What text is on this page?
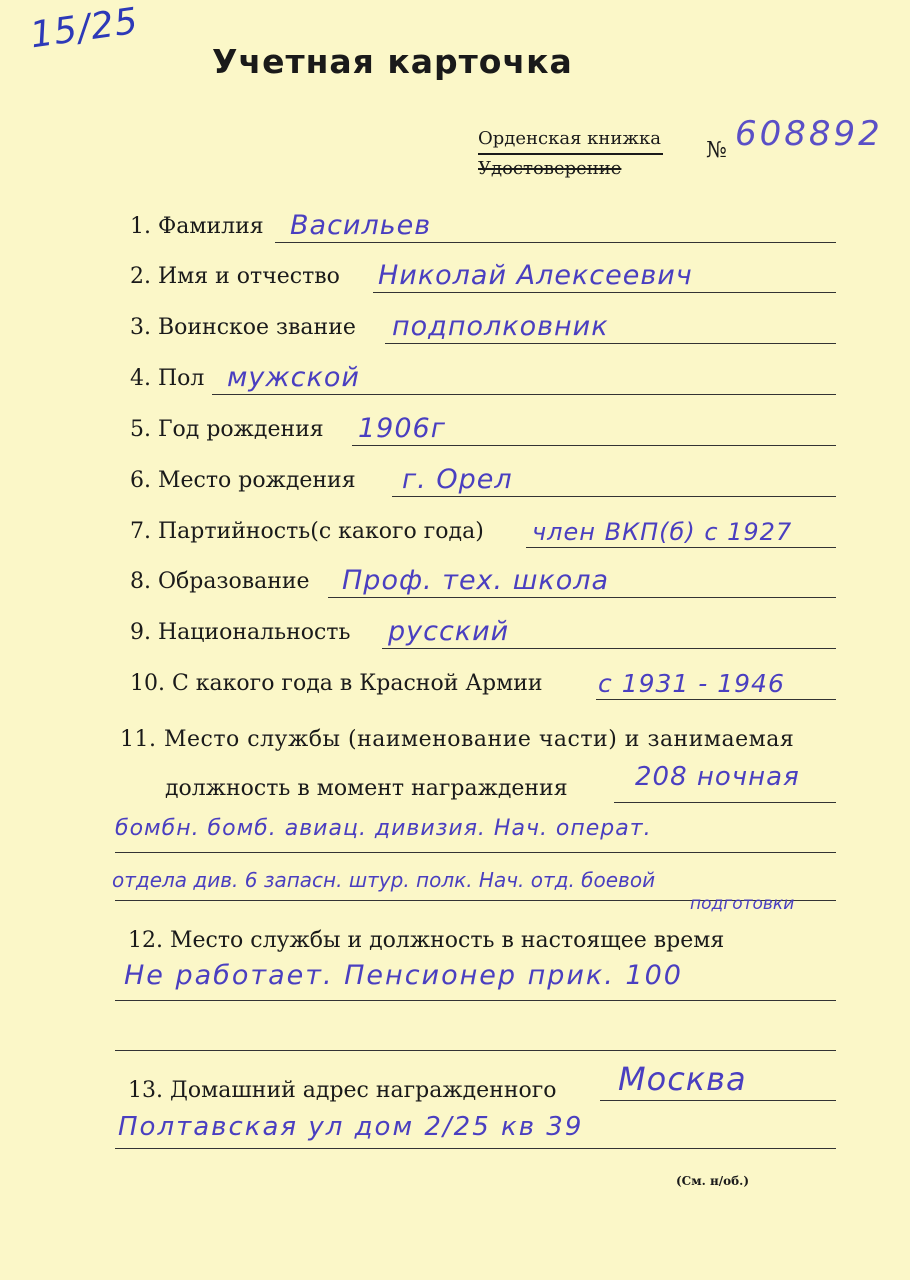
15/25
Учетная карточка
Орденская книжка
Удостоверение
№ 608892
1. Фамилия Васильев
2. Имя и отчество Николай Алексеевич
3. Воинское звание подполковник
4. Пол мужской
5. Год рождения 1906г
6. Место рождения г. Орел
7. Партийность(с какого года) член ВКП(б) с 1927
8. Образование Проф. тех. школа
9. Национальность русский
10. С какого года в Красной Армии с 1931 - 1946
11. Место службы (наименование части) и занимаемая
должность в момент награждения	208 ночная
бомбн. бомб. авиац. дивизия. Нач. операт.
отдела див. 6 запасн. штур. полк. Нач. отд. боевой
подготовки
12. Место службы и должность в настоящее время
Не работает. Пенсионер прик. 100
13. Домашний адрес награжденного Москва
Полтавская ул дом 2/25 кв 39
(См. н/об.)
